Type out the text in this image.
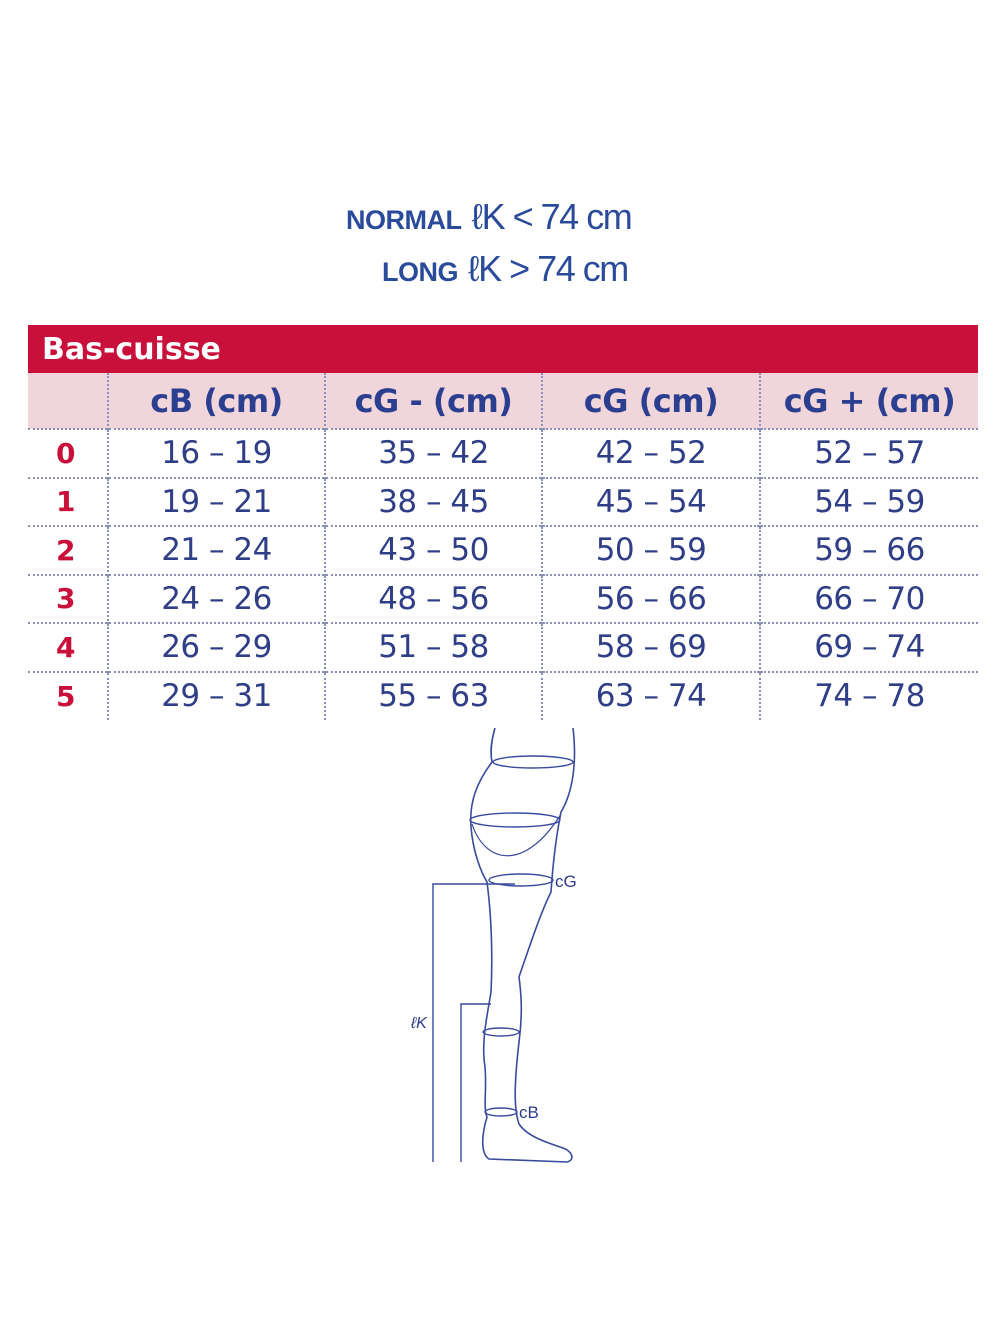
NORMAL ℓK < 74 cm
LONG ℓK > 74 cm
Bas-cuisse
	cB (cm)	cG - (cm)	cG (cm)	cG + (cm)
0	16 – 19	35 – 42	42 – 52	52 – 57
1	19 – 21	38 – 45	45 – 54	54 – 59
2	21 – 24	43 – 50	50 – 59	59 – 66
3	24 – 26	48 – 56	56 – 66	66 – 70
4	26 – 29	51 – 58	58 – 69	69 – 74
5	29 – 31	55 – 63	63 – 74	74 – 78
cG
ℓK
cB
